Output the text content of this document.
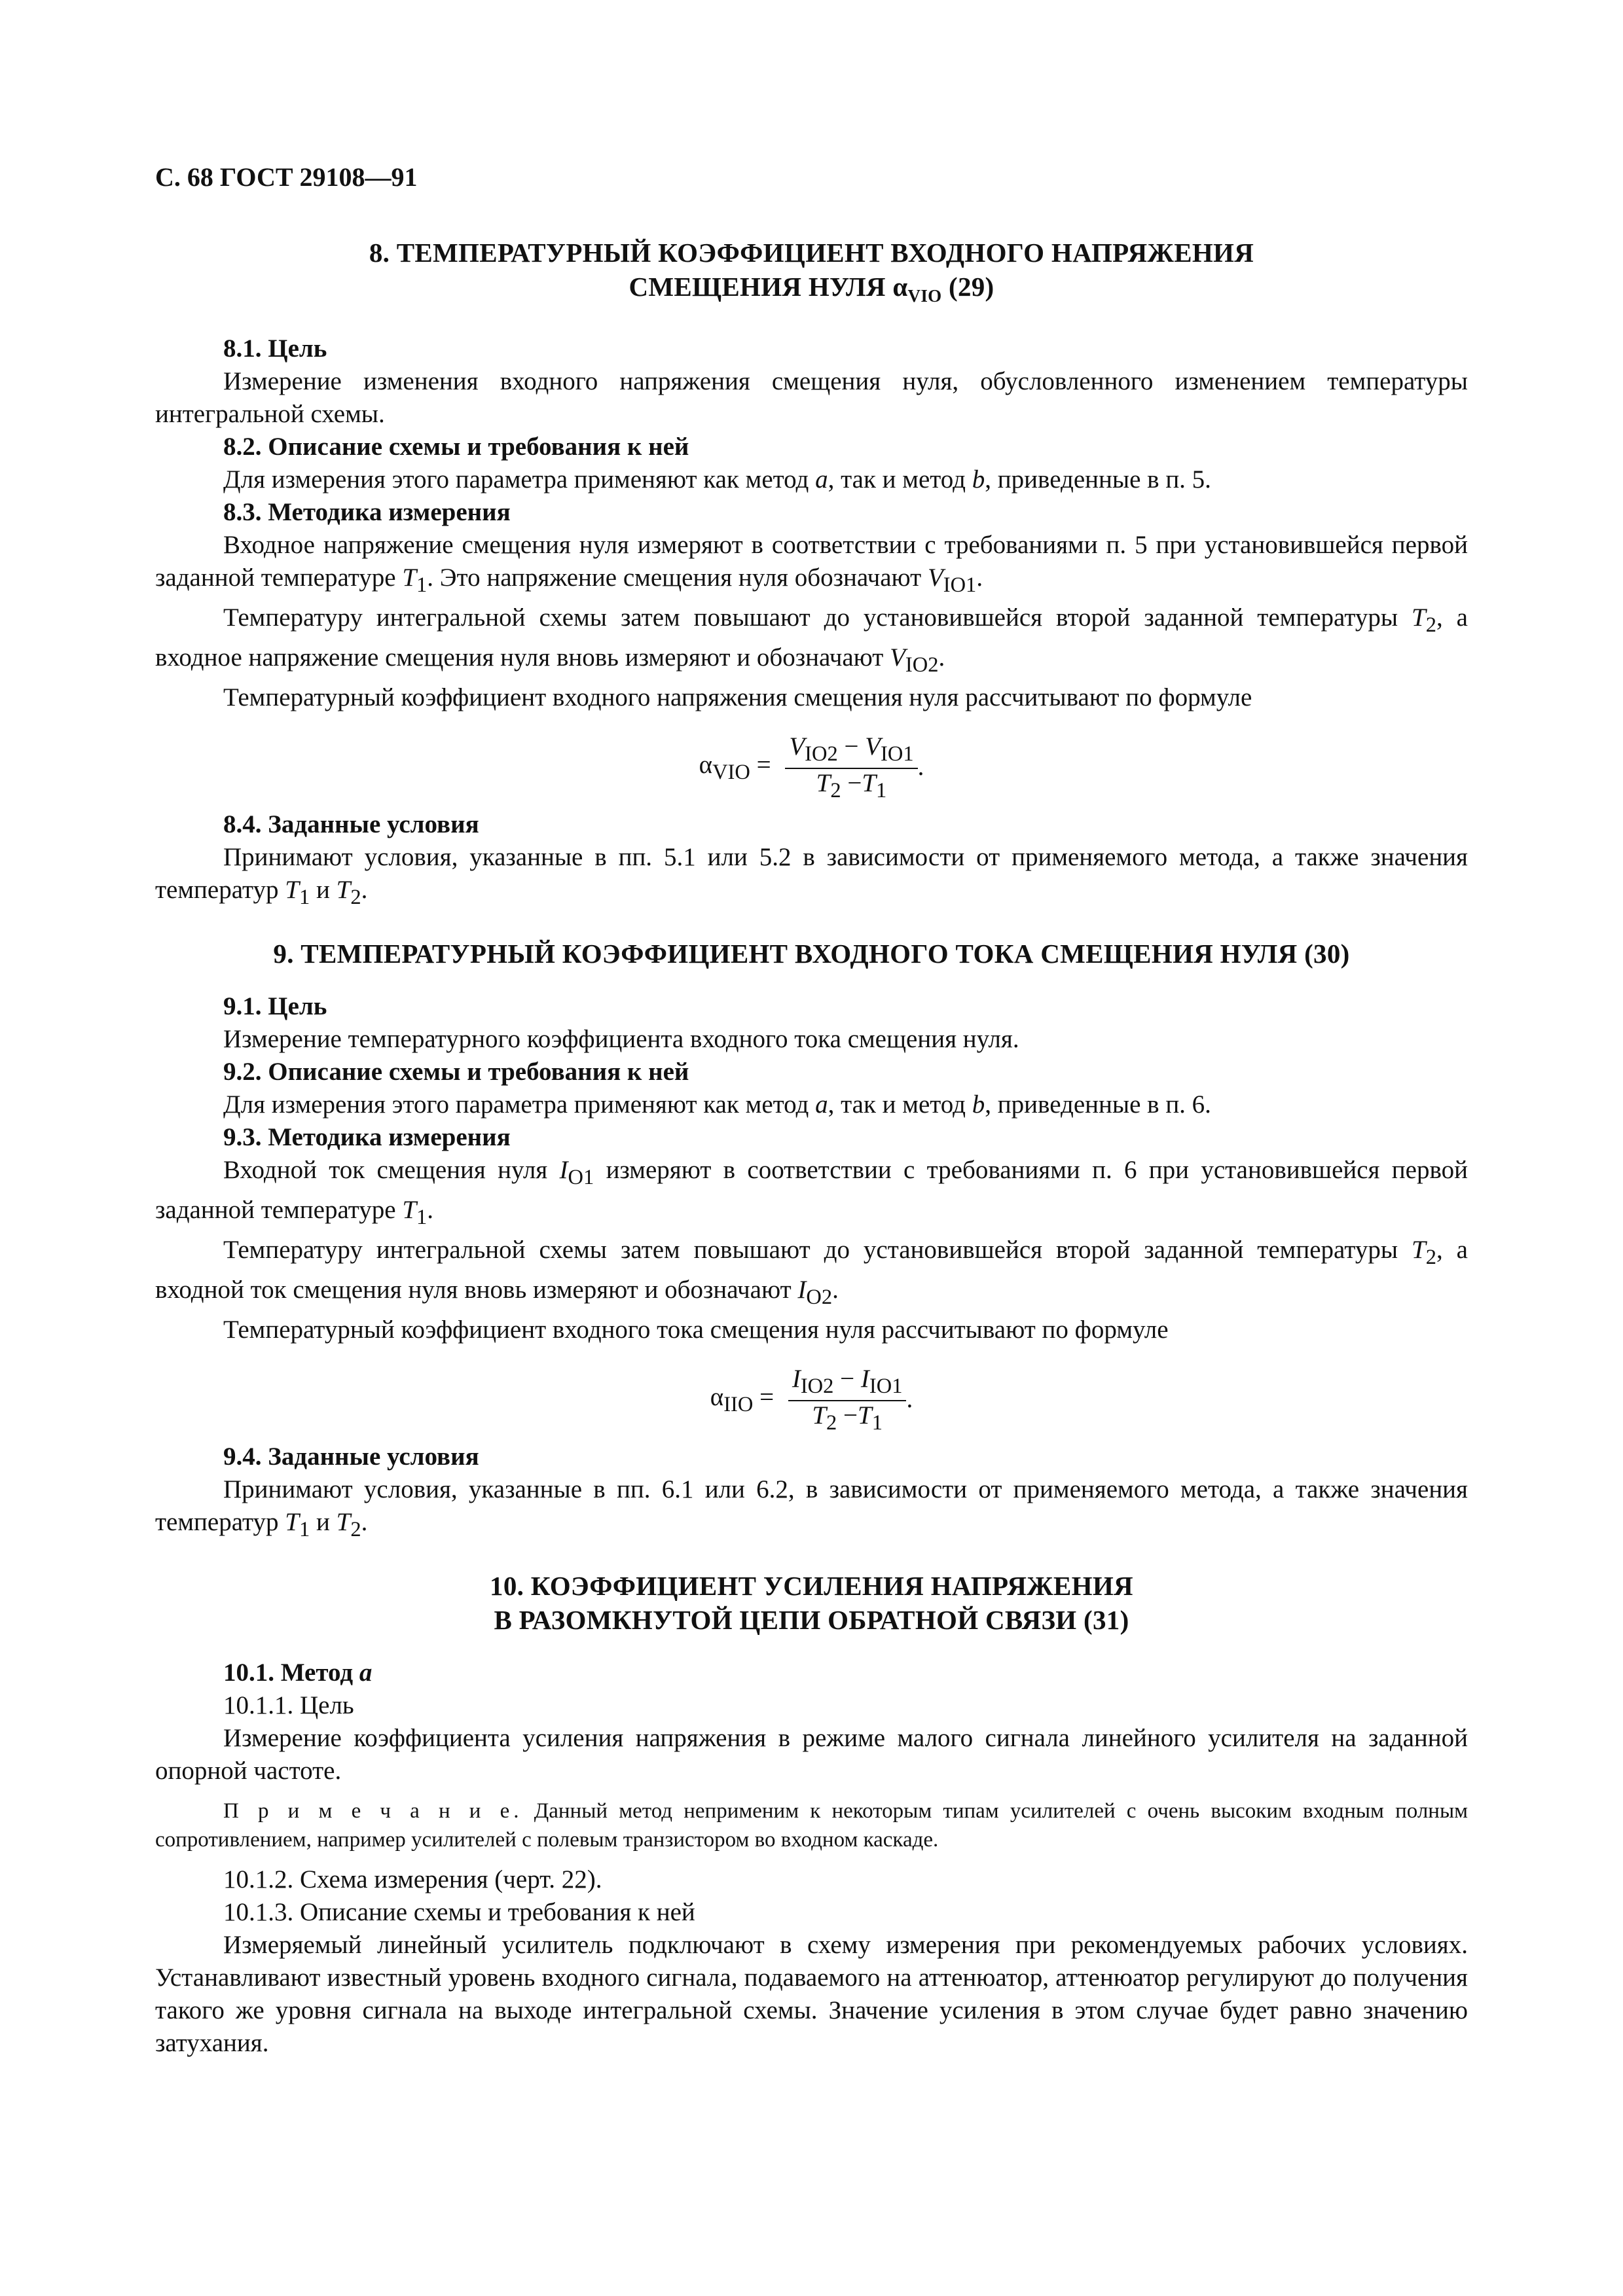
С. 68 ГОСТ 29108—91
8. ТЕМПЕРАТУРНЫЙ КОЭФФИЦИЕНТ ВХОДНОГО НАПРЯЖЕНИЯ
СМЕЩЕНИЯ НУЛЯ $\alpha_{VIO}$ (29)

8.1. Цель

Измерение изменения входного напряжения смещения нуля, обусловленного изменением температуры интегральной схемы.

8.2. Описание схемы и требования к ней

Для измерения этого параметра применяют как метод a, так и метод b, приведенные в п. 5.

8.3. Методика измерения

Входное напряжение смещения нуля измеряют в соответствии с требованиями п. 5 при установившейся первой заданной температуре $T_1$. Это напряжение смещения нуля обозначают $V_{IO1}$.

Температуру интегральной схемы затем повышают до установившейся второй заданной температуры $T_2$, а входное напряжение смещения нуля вновь измеряют и обозначают $V_{IO2}$.

Температурный коэффициент входного напряжения смещения нуля рассчитывают по формуле

$\alpha_{VIO} = \frac{V_{IO2} - V_{IO1}}{T_2 -T_1}$ .

8.4. Заданные условия

Принимают условия, указанные в пп. 5.1 или 5.2 в зависимости от применяемого метода, а также значения температур $T_1$ и $T_2$.

9. ТЕМПЕРАТУРНЫЙ КОЭФФИЦИЕНТ ВХОДНОГО ТОКА СМЕЩЕНИЯ НУЛЯ (30)

9.1. Цель

Измерение температурного коэффициента входного тока смещения нуля.

9.2. Описание схемы и требования к ней

Для измерения этого параметра применяют как метод a, так и метод b, приведенные в п. 6.

9.3. Методика измерения

Входной ток смещения нуля $I_{O1}$ измеряют в соответствии с требованиями п. 6 при установившейся первой заданной температуре $T_1$.

Температуру интегральной схемы затем повышают до установившейся второй заданной температуры $T_2$, а входной ток смещения нуля вновь измеряют и обозначают $I_{O2}$.

Температурный коэффициент входного тока смещения нуля рассчитывают по формуле

$\alpha_{IIO} = \frac{I_{IO2} - I_{IO1}}{T_2 -T_1}$ .

9.4. Заданные условия

Принимают условия, указанные в пп. 6.1 или 6.2, в зависимости от применяемого метода, а также значения температур $T_1$ и $T_2$.

10. КОЭФФИЦИЕНТ УСИЛЕНИЯ НАПРЯЖЕНИЯ
В РАЗОМКНУТОЙ ЦЕПИ ОБРАТНОЙ СВЯЗИ (31)

10.1. Метод a

10.1.1. Цель

Измерение коэффициента усиления напряжения в режиме малого сигнала линейного усилителя на заданной опорной частоте.

П р и м е ч а н и е. Данный метод неприменим к некоторым типам усилителей с очень высоким входным полным сопротивлением, например усилителей с полевым транзистором во входном каскаде.

10.1.2. Схема измерения (черт. 22).

10.1.3. Описание схемы и требования к ней

Измеряемый линейный усилитель подключают в схему измерения при рекомендуемых рабочих условиях. Устанавливают известный уровень входного сигнала, подаваемого на аттенюатор, аттенюатор регулируют до получения такого же уровня сигнала на выходе интегральной схемы. Значение усиления в этом случае будет равно значению затухания.
